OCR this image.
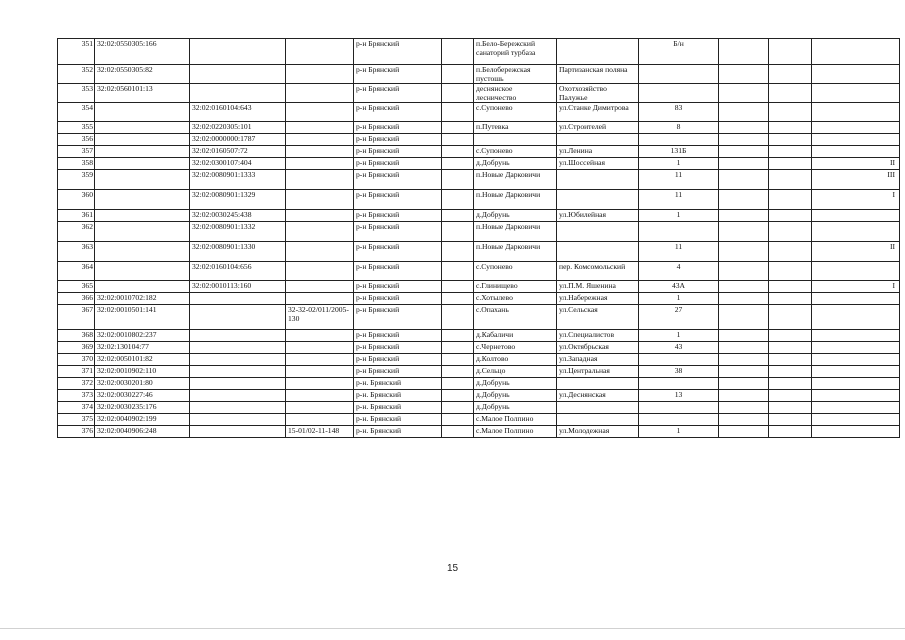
351	32:02:0550305:166			р-н Брянский		п.Бело-Бережский санаторий турбаза		Б/н			
352	32:02:0550305:82			р-н Брянский		п.Белобережская пустошь	Партизанская поляна				
353	32:02:0560101:13			р-н Брянский		деснянское лесничество	Охотхозяйство Палужье				
354		32:02:0160104:643		р-н Брянский		с.Супонево	ул.Станке Димитрова	83			
355		32:02:0220305:101		р-н Брянский		п.Путевка	ул.Строителей	8			
356		32:02:0000000:1787		р-н Брянский							
357		32:02:0160507:72		р-н Брянский		с.Супонево	ул.Ленина	131Б			
358		32:02:0300107:404		р-н Брянский		д.Добрунь	ул.Шоссейная	1			II
359		32:02:0080901:1333		р-н Брянский		п.Новые Дарковичи		11			III
360		32:02:0080901:1329		р-н Брянский		п.Новые Дарковичи		11			I
361		32:02:0030245:438		р-н Брянский		д.Добрунь	ул.Юбилейная	1			
362		32:02:0080901:1332		р-н Брянский		п.Новые Дарковичи					
363		32:02:0080901:1330		р-н Брянский		п.Новые Дарковичи		11			II
364		32:02:0160104:656		р-н Брянский		с.Супонево	пер. Комсомольский	4			
365		32:02:0010113:160		р-н Брянский		с.Глинищево	ул.П.М. Яшенина	43А			I
366	32:02:0010702:182			р-н Брянский		с.Хотылево	ул.Набережная	1			
367	32:02:0010501:141		32-32-02/011/2005-130	р-н Брянский		с.Опахань	ул.Сельская	27			
368	32:02:0010802:237			р-н Брянский		д.Кабаличи	ул.Специалистов	1			
369	32:02:130104:77			р-н Брянский		с.Чернетово	ул.Октябрьская	43			
370	32:02:0050101:82			р-н Брянский		д.Колтово	ул.Западная				
371	32:02:0010902:110			р-н Брянский		д.Сельцо	ул.Центральная	38			
372	32:02:0030201:80			р-н. Брянский		д.Добрунь					
373	32:02:0030227:46			р-н. Брянский		д.Добрунь	ул.Деснянская	13			
374	32:02:0030235:176			р-н. Брянский		д.Добрунь					
375	32:02:0040902:199			р-н. Брянский		с.Малое Полпино					
376	32:02:0040906:248		15-01/02-11-148	р-н. Брянский		с.Малое Полпино	ул.Молодежная	1			
15
